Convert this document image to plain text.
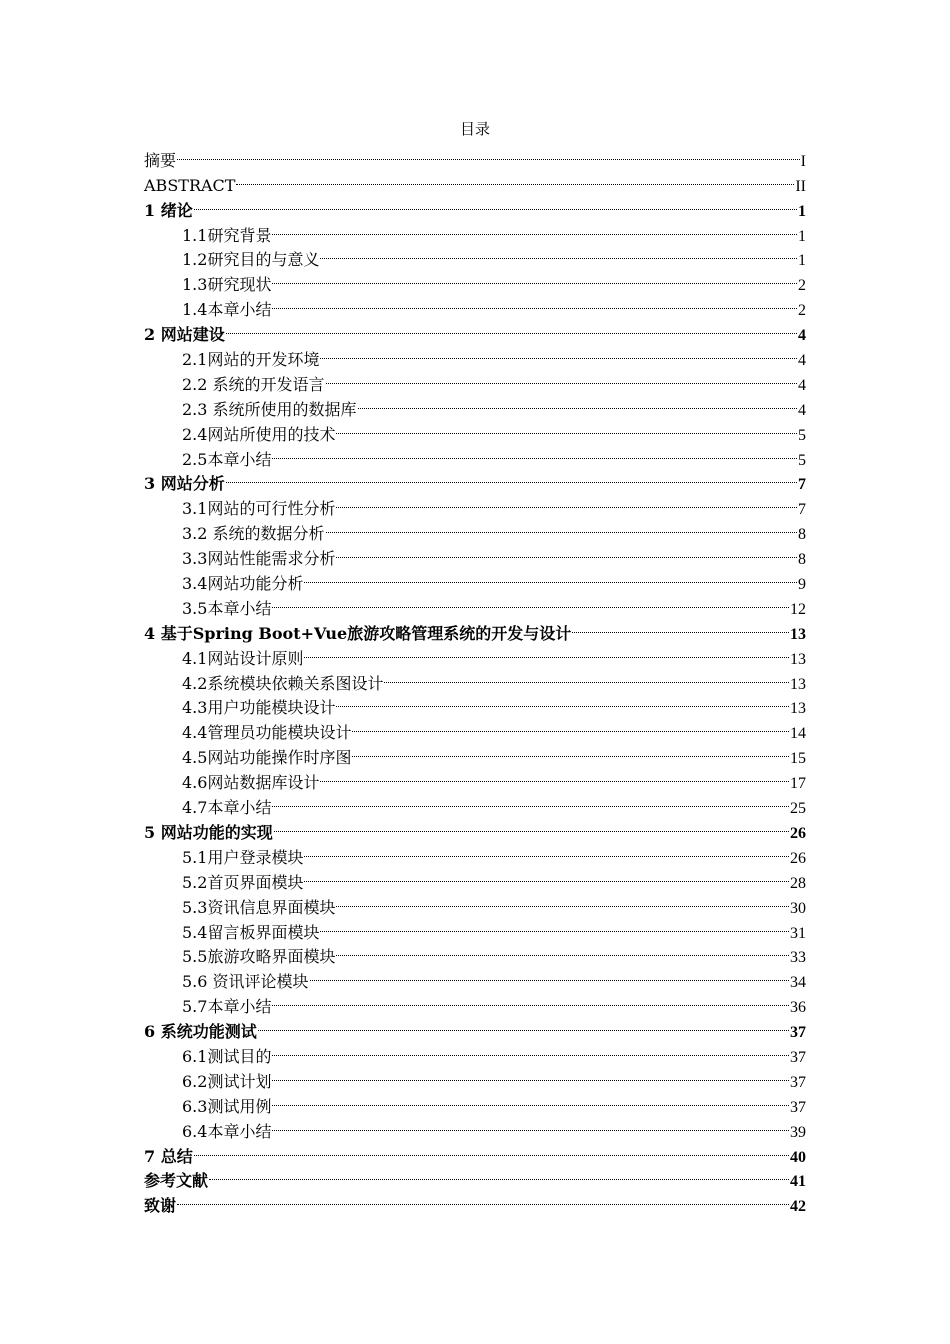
目录
摘要	I
ABSTRACT	II
1 绪论	1
1.1研究背景	1
1.2研究目的与意义	1
1.3研究现状	2
1.4本章小结	2
2 网站建设	4
2.1网站的开发环境	4
2.2 系统的开发语言	4
2.3 系统所使用的数据库	4
2.4网站所使用的技术	5
2.5本章小结	5
3 网站分析	7
3.1网站的可行性分析	7
3.2 系统的数据分析	8
3.3网站性能需求分析	8
3.4网站功能分析	9
3.5本章小结	12
4 基于Spring Boot+Vue旅游攻略管理系统的开发与设计	13
4.1网站设计原则	13
4.2系统模块依赖关系图设计	13
4.3用户功能模块设计	13
4.4管理员功能模块设计	14
4.5网站功能操作时序图	15
4.6网站数据库设计	17
4.7本章小结	25
5 网站功能的实现	26
5.1用户登录模块	26
5.2首页界面模块	28
5.3资讯信息界面模块	30
5.4留言板界面模块	31
5.5旅游攻略界面模块	33
5.6 资讯评论模块	34
5.7本章小结	36
6 系统功能测试	37
6.1测试目的	37
6.2测试计划	37
6.3测试用例	37
6.4本章小结	39
7 总结	40
参考文献	41
致谢	42
